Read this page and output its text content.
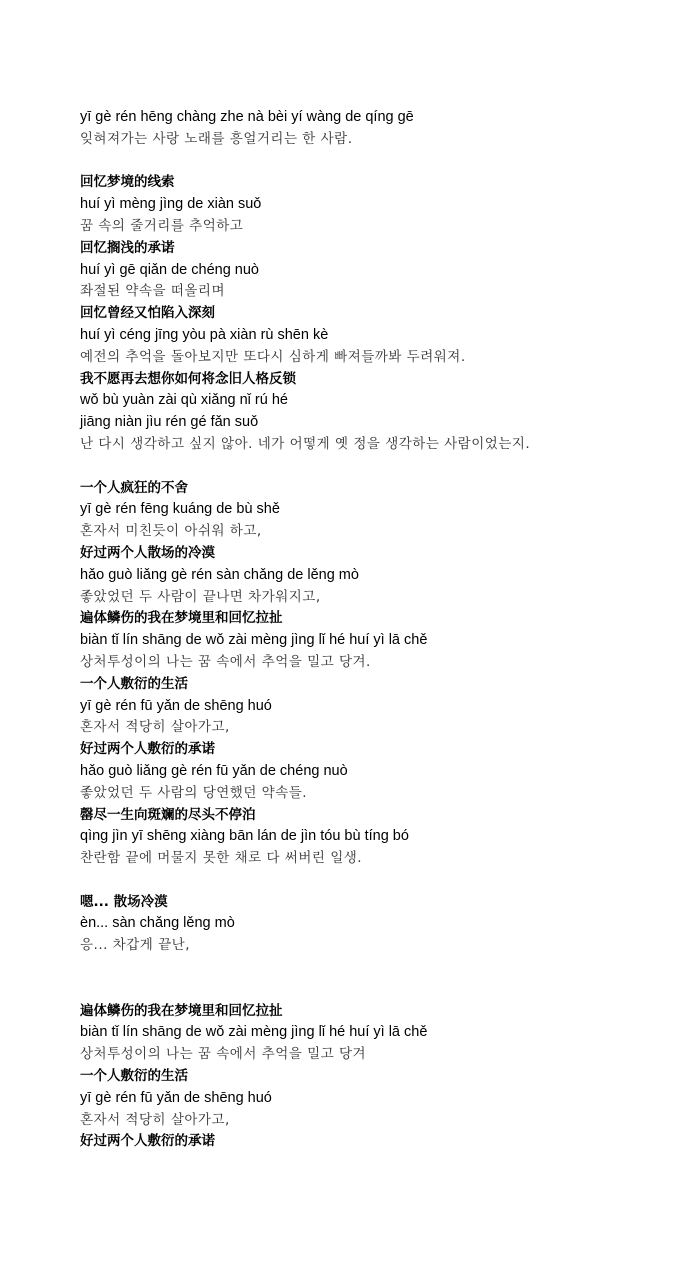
yī gè rén hēng chàng zhe nà bèi yí wàng de qíng gē
잊혀져가는 사랑 노래를 흥얼거리는 한 사람.
回忆梦境的线索
huí yì mèng jìng de xiàn suǒ
꿈 속의 줄거리를 추억하고
回忆搁浅的承诺
huí yì gē qiǎn de chéng nuò
좌절된 약속을 떠올리며
回忆曾经又怕陷入深刻
huí yì céng jīng yòu pà xiàn rù shēn kè
예전의 추억을 돌아보지만 또다시 심하게 빠져들까봐 두려워져.
我不愿再去想你如何将念旧人格反锁
wǒ bù yuàn zài qù xiǎng nǐ rú hé
jiāng niàn jìu rén gé fǎn suǒ
난 다시 생각하고 싶지 않아. 네가 어떻게 옛 정을 생각하는 사람이었는지.
一个人疯狂的不舍
yī gè rén fēng kuáng de bù shě
혼자서 미친듯이 아쉬워 하고,
好过两个人散场的冷漠
hǎo guò liǎng gè rén sàn chǎng de lěng mò
좋았었던 두 사람이 끝나면 차가워지고,
遍体鳞伤的我在梦境里和回忆拉扯
biàn tǐ lín shāng de wǒ zài mèng jìng lǐ hé huí yì lā chě
상처투성이의 나는 꿈 속에서 추억을 밀고 당겨.
一个人敷衍的生活
yī gè rén fū yǎn de shēng huó
혼자서 적당히 살아가고,
好过两个人敷衍的承诺
hǎo guò liǎng gè rén fū yǎn de chéng nuò
좋았었던 두 사람의 당연했던 약속들.
罄尽一生向斑斓的尽头不停泊
qìng jìn yī shēng xiàng bān lán de jìn tóu bù tíng bó
찬란함 끝에 머물지 못한 채로 다 써버린 일생.
嗯... 散场冷漠
èn... sàn chǎng lěng mò
응... 차갑게 끝난,
遍体鳞伤的我在梦境里和回忆拉扯
biàn tǐ lín shāng de wǒ zài mèng jìng lǐ hé huí yì lā chě
상처투성이의 나는 꿈 속에서 추억을 밀고 당겨
一个人敷衍的生活
yī gè rén fū yǎn de shēng huó
혼자서 적당히 살아가고,
好过两个人敷衍的承诺
